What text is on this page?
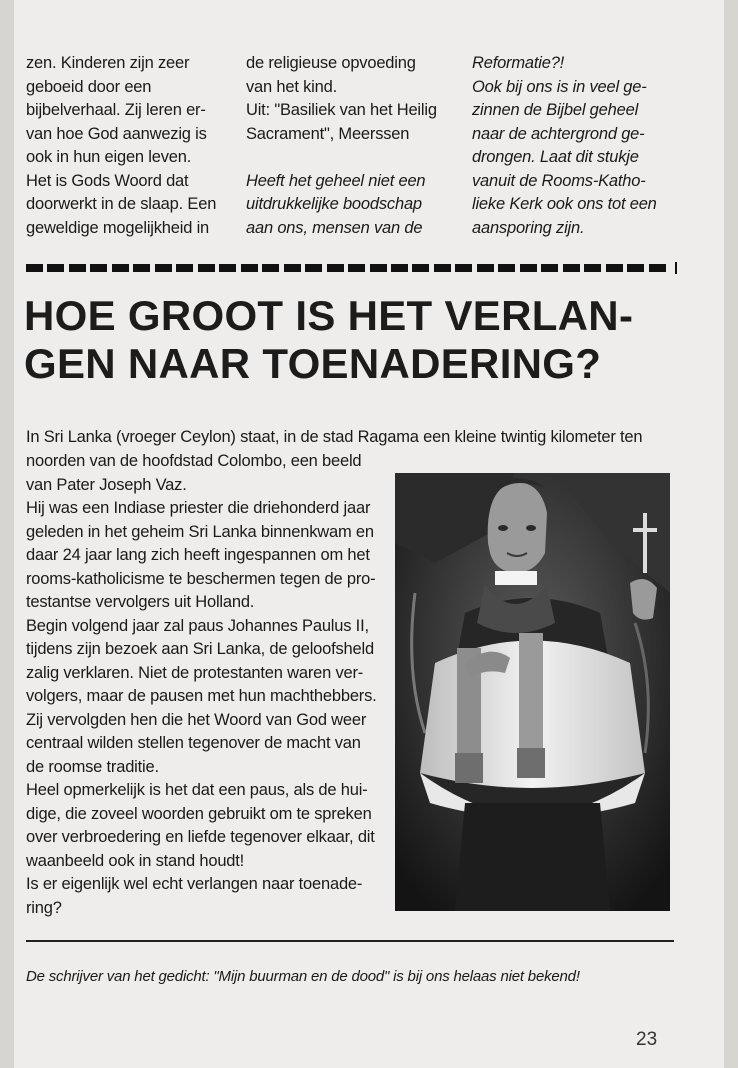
zen. Kinderen zijn zeer
geboeid door een
bijbelverhaal. Zij leren er-
van hoe God aanwezig is
ook in hun eigen leven.
Het is Gods Woord dat
doorwerkt in de slaap. Een
geweldige mogelijkheid in
de religieuse opvoeding
van het kind.
Uit: "Basiliek van het Heilig
Sacrament", Meerssen
Heeft het geheel niet een
uitdrukkelijke boodschap
aan ons, mensen van de
Reformatie?!
Ook bij ons is in veel ge-
zinnen de Bijbel geheel
naar de achtergrond ge-
drongen. Laat dit stukje
vanuit de Rooms-Katho-
lieke Kerk ook ons tot een
aansporing zijn.
HOE GROOT IS HET VERLAN-
GEN NAAR TOENADERING?
In Sri Lanka (vroeger Ceylon) staat, in de stad Ragama een kleine twintig kilometer ten
noorden van de hoofdstad Colombo, een beeld
van Pater Joseph Vaz.
Hij was een Indiase priester die driehonderd jaar
geleden in het geheim Sri Lanka binnenkwam en
daar 24 jaar lang zich heeft ingespannen om het
rooms-katholicisme te beschermen tegen de pro-
testantse vervolgers uit Holland.
Begin volgend jaar zal paus Johannes Paulus II,
tijdens zijn bezoek aan Sri Lanka, de geloofsheld
zalig verklaren. Niet de protestanten waren ver-
volgers, maar de pausen met hun machthebbers.
Zij vervolgden hen die het Woord van God weer
centraal wilden stellen tegenover de macht van
de roomse traditie.
Heel opmerkelijk is het dat een paus, als de hui-
dige, die zoveel woorden gebruikt om te spreken
over verbroedering en liefde tegenover elkaar, dit
waanbeeld ook in stand houdt!
Is er eigenlijk wel echt verlangen naar toenade-
ring?
De schrijver van het gedicht: "Mijn buurman en de dood" is bij ons helaas niet bekend!
23
